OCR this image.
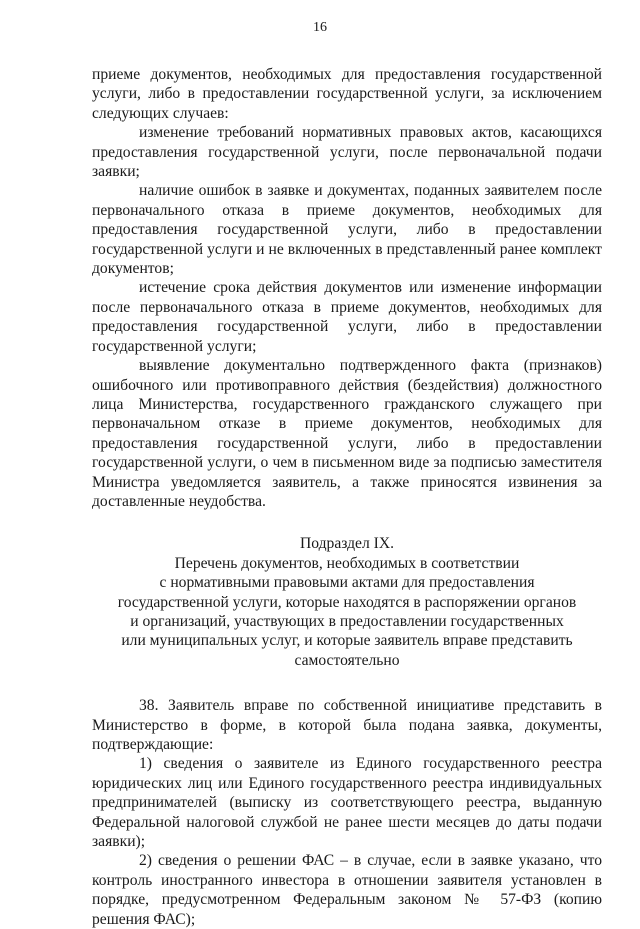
16

приеме документов, необходимых для предоставления государственной услуги, либо в предоставлении государственной услуги, за исключением следующих случаев:

изменение требований нормативных правовых актов, касающихся предоставления государственной услуги, после первоначальной подачи заявки;

наличие ошибок в заявке и документах, поданных заявителем после первоначального отказа в приеме документов, необходимых для предоставления государственной услуги, либо в предоставлении государственной услуги и не включенных в представленный ранее комплект документов;

истечение срока действия документов или изменение информации после первоначального отказа в приеме документов, необходимых для предоставления государственной услуги, либо в предоставлении государственной услуги;

выявление документально подтвержденного факта (признаков) ошибочного или противоправного действия (бездействия) должностного лица Министерства, государственного гражданского служащего при первоначальном отказе в приеме документов, необходимых для предоставления государственной услуги, либо в предоставлении государственной услуги, о чем в письменном виде за подписью заместителя Министра уведомляется заявитель, а также приносятся извинения за доставленные неудобства.

Подраздел IX.
Перечень документов, необходимых в соответствии
с нормативными правовыми актами для предоставления
государственной услуги, которые находятся в распоряжении органов
и организаций, участвующих в предоставлении государственных
или муниципальных услуг, и которые заявитель вправе представить
самостоятельно

38. Заявитель вправе по собственной инициативе представить в Министерство в форме, в которой была подана заявка, документы, подтверждающие:

1) сведения о заявителе из Единого государственного реестра юридических лиц или Единого государственного реестра индивидуальных предпринимателей (выписку из соответствующего реестра, выданную Федеральной налоговой службой не ранее шести месяцев до даты подачи заявки);

2) сведения о решении ФАС – в случае, если в заявке указано, что контроль иностранного инвестора в отношении заявителя установлен в порядке, предусмотренном Федеральным законом № 57-ФЗ (копию решения ФАС);
